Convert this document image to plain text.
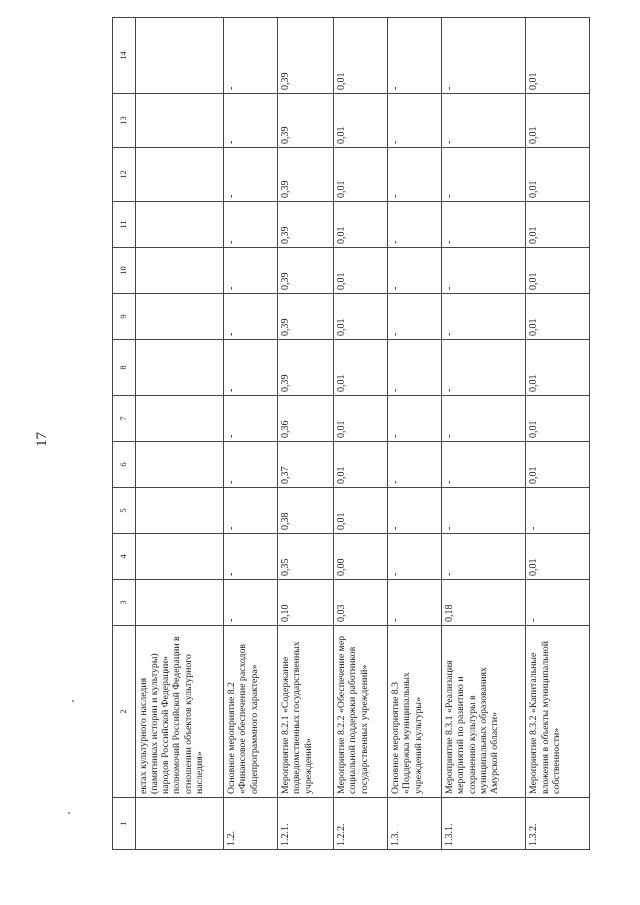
17
1	2	3	4	5	6	7	8	9	10	11	12	13	14
	ектах культурного наследия (памятниках истории и культуры) народов Российской Федерации» полномочий Российской Федерации в отношении объектов культурного наследия»												
1.2.	Основное мероприятие 8.2 «Финансовое обеспечение расходов общепрограммного характера»	-	-	-	-	-	-	-	-	-	-	-	-
1.2.1.	Мероприятие 8.2.1 «Содержание подведомственных государственных учреждений»	0,10	0,35	0,38	0,37	0,36	0,39	0,39	0,39	0,39	0,39	0,39	0,39
1.2.2.	Мероприятие 8.2.2 «Обеспечение мер социальной поддержки работников государственных учреждений»	0,03	0,00	0,01	0,01	0,01	0,01	0,01	0,01	0,01	0,01	0,01	0,01
1.3.	Основное мероприятие 8.3 «Поддержка муниципальных учреждений культуры»	-	-	-	-	-	-	-	-	-	-	-	-
1.3.1.	Мероприятие 8.3.1 «Реализация мероприятий по развитию и сохранению культуры в муниципальных образованиях Амурской области»	0,18	-	-	-	-	-	-	-	-	-	-	-
1.3.2.	Мероприятие 8.3.2 «Капитальные вложения в объекты муниципальной собственности»	-	0,01	-	0,01	0,01	0,01	0,01	0,01	0,01	0,01	0,01	0,01
